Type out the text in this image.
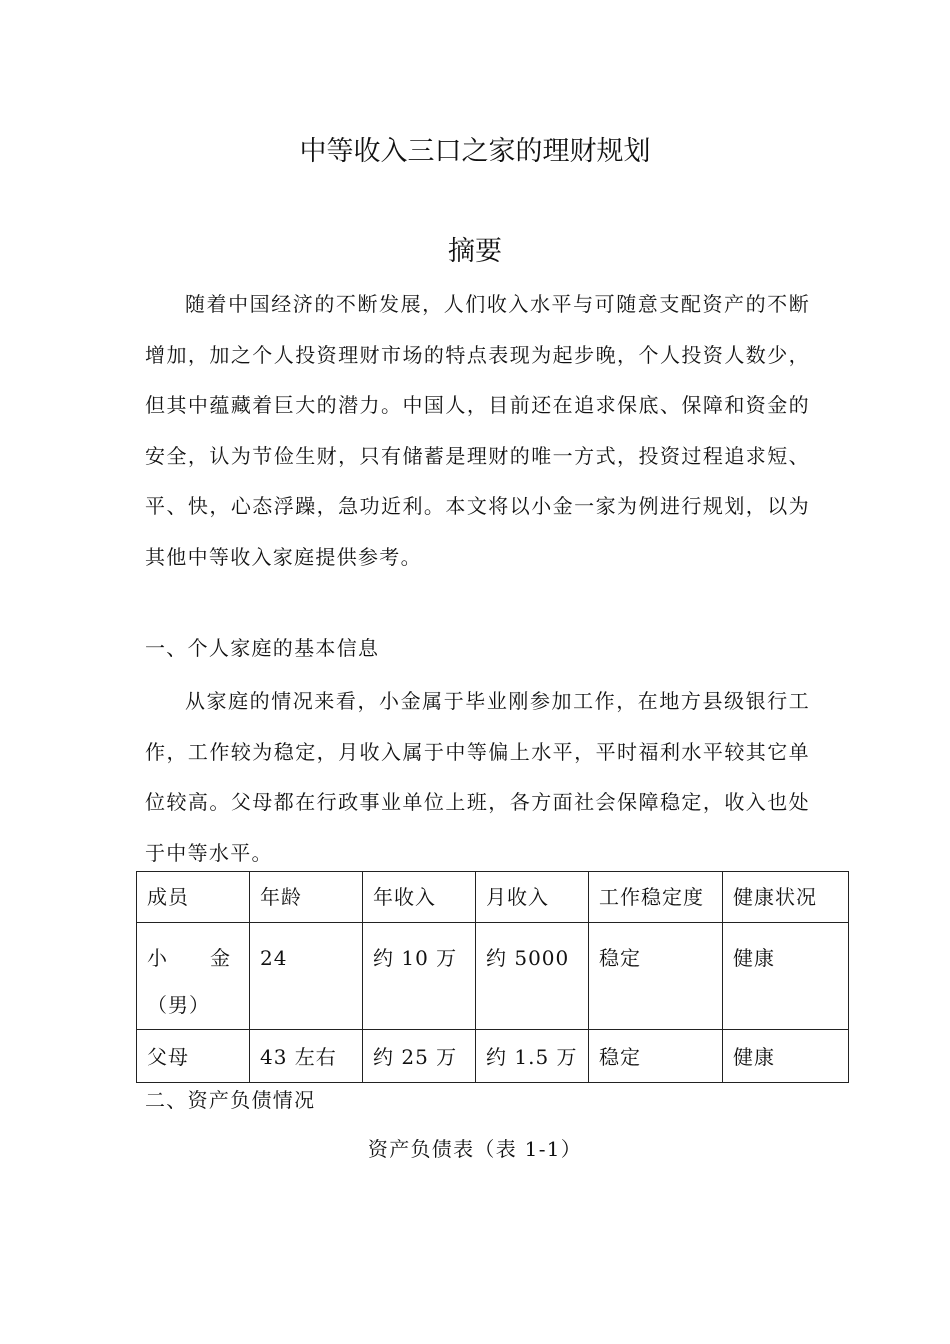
中等收入三口之家的理财规划
摘要

随着中国经济的不断发展，人们收入水平与可随意支配资产的不断增加，加之个人投资理财市场的特点表现为起步晚，个人投资人数少，但其中蕴藏着巨大的潜力。中国人，目前还在追求保底、保障和资金的安全，认为节俭生财，只有储蓄是理财的唯一方式，投资过程追求短、平、快，心态浮躁，急功近利。本文将以小金一家为例进行规划，以为其他中等收入家庭提供参考。

一、个人家庭的基本信息

从家庭的情况来看，小金属于毕业刚参加工作，在地方县级银行工作，工作较为稳定，月收入属于中等偏上水平，平时福利水平较其它单位较高。父母都在行政事业单位上班，各方面社会保障稳定，收入也处于中等水平。

成员	年龄	年收入	月收入	工作稳定度	健康状况
小　　金（男）	24	约 10 万	约 5000	稳定	健康
父母	43 左右	约 25 万	约 1.5 万	稳定	健康
二、资产负债情况

资产负债表（表 1-1）
